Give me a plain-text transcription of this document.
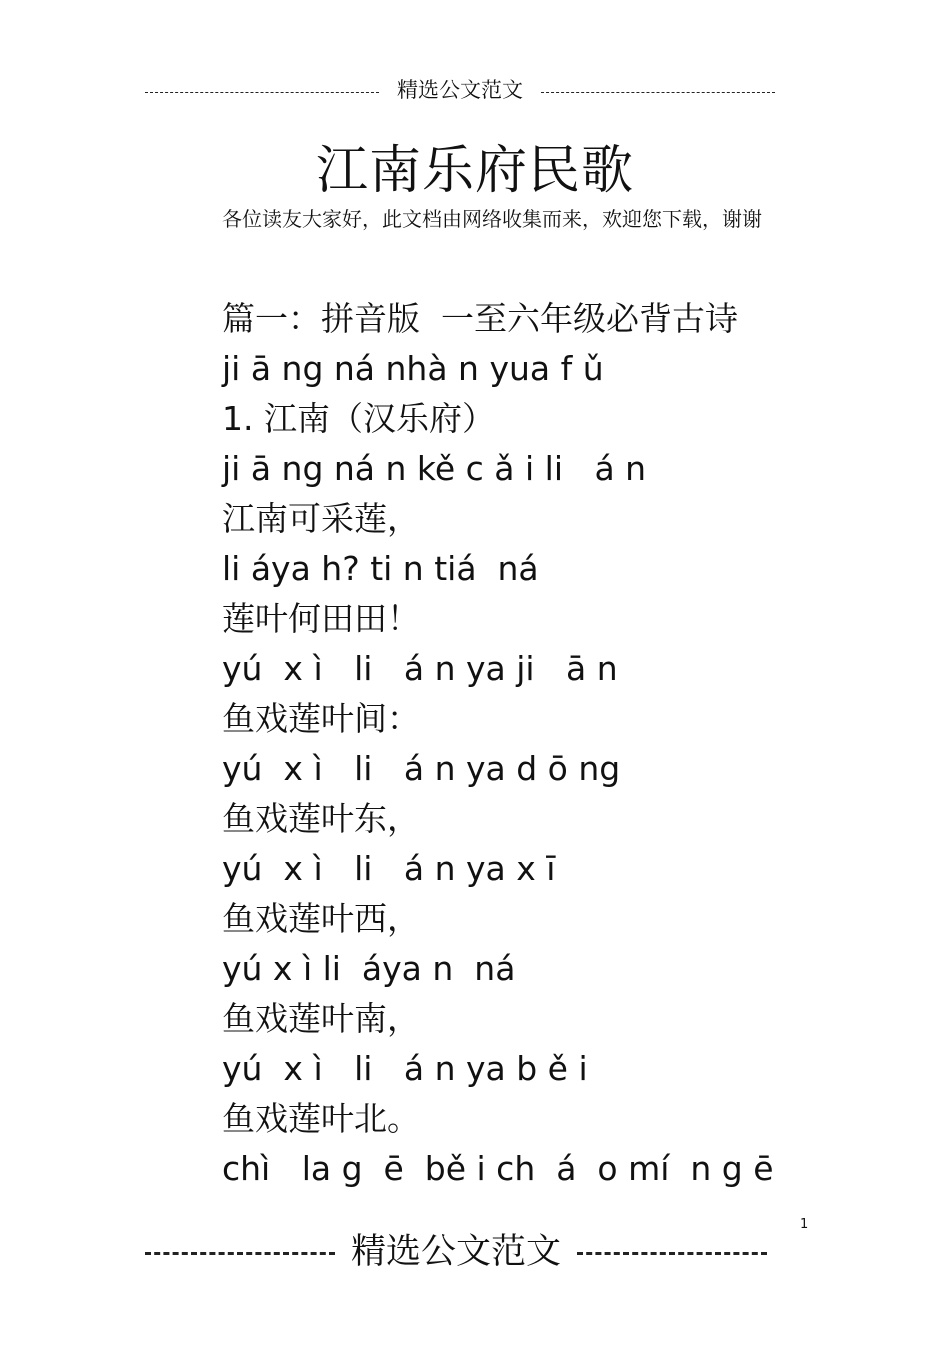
精选公文范文
江南乐府民歌
各位读友大家好，此文档由网络收集而来，欢迎您下载，谢谢
篇一：拼音版  一至六年级必背古诗
ji ā ng ná nhà n yua f ǔ
1. 江南（汉乐府）
ji ā ng ná n kě c ǎ i li   á n
江南可采莲，
li áya h? ti n tiá  ná
莲叶何田田！
yú  x ì   li   á n ya ji   ā n
鱼戏莲叶间：
yú  x ì   li   á n ya d ō ng
鱼戏莲叶东，
yú  x ì   li   á n ya x ī
鱼戏莲叶西，
yú x ì li  áya n  ná
鱼戏莲叶南，
yú  x ì   li   á n ya b ě i
鱼戏莲叶北。
chì   la g  ē  bě i ch  á  o mí  n g ē
1
精选公文范文
